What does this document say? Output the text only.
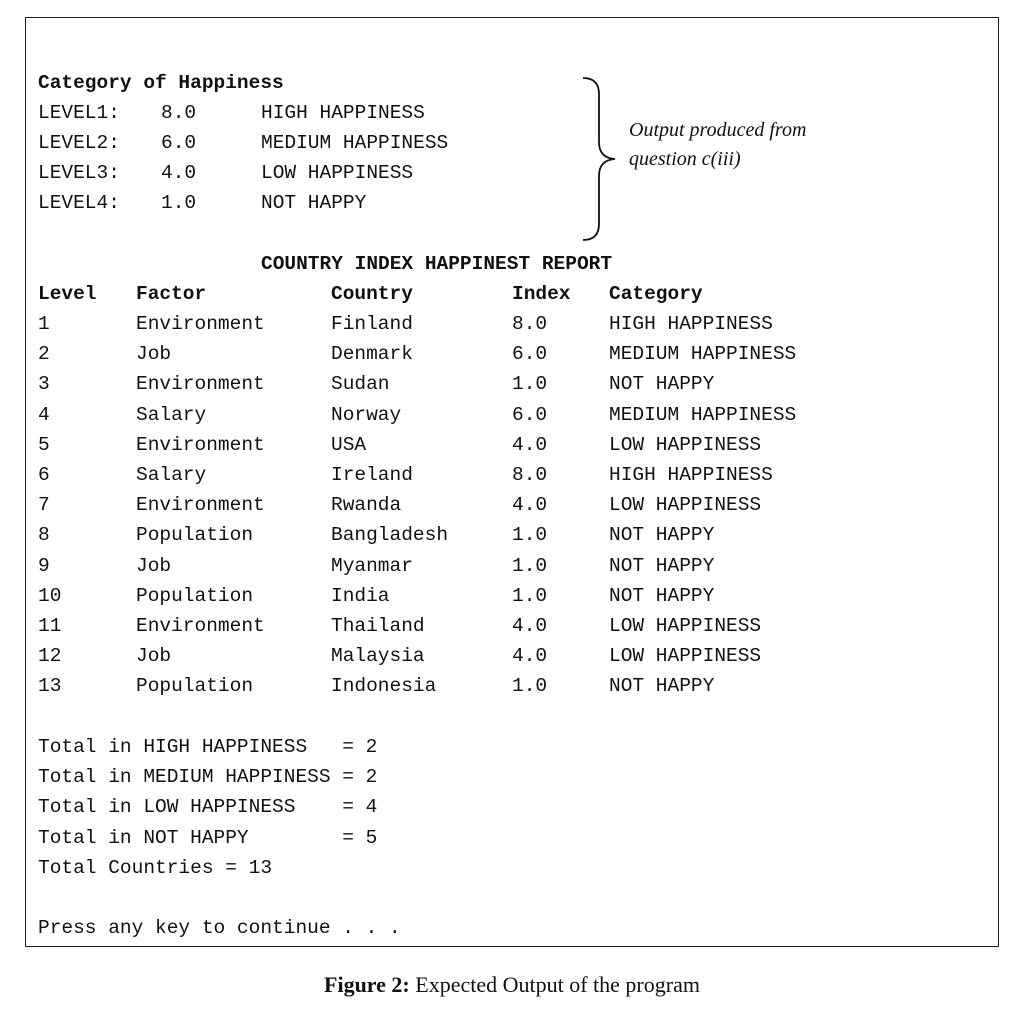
Category of Happiness
LEVEL1: 8.0	HIGH HAPPINESS
LEVEL2: 6.0	MEDIUM HAPPINESS
LEVEL3: 4.0	LOW HAPPINESS
LEVEL4: 1.0	NOT HAPPY
Output produced from
question c(iii)
COUNTRY INDEX HAPPINEST REPORT
Level Factor	Country	Index Category
1	Environment	Finland	8.0	HIGH HAPPINESS
2	Job	Denmark	6.0	MEDIUM HAPPINESS
3	Environment	Sudan	1.0	NOT HAPPY
4	Salary	Norway	6.0	MEDIUM HAPPINESS
5	Environment	USA	4.0	LOW HAPPINESS
6	Salary	Ireland	8.0	HIGH HAPPINESS
7	Environment	Rwanda	4.0	LOW HAPPINESS
8	Population	Bangladesh	1.0	NOT HAPPY
9	Job	Myanmar	1.0	NOT HAPPY
10	Population	India	1.0	NOT HAPPY
11	Environment	Thailand	4.0	LOW HAPPINESS
12	Job	Malaysia	4.0	LOW HAPPINESS
13	Population	Indonesia	1.0	NOT HAPPY
Total in HIGH HAPPINESS   = 2
Total in MEDIUM HAPPINESS = 2
Total in LOW HAPPINESS    = 4
Total in NOT HAPPY        = 5
Total Countries = 13
Press any key to continue . . .
Figure 2: Expected Output of the program
